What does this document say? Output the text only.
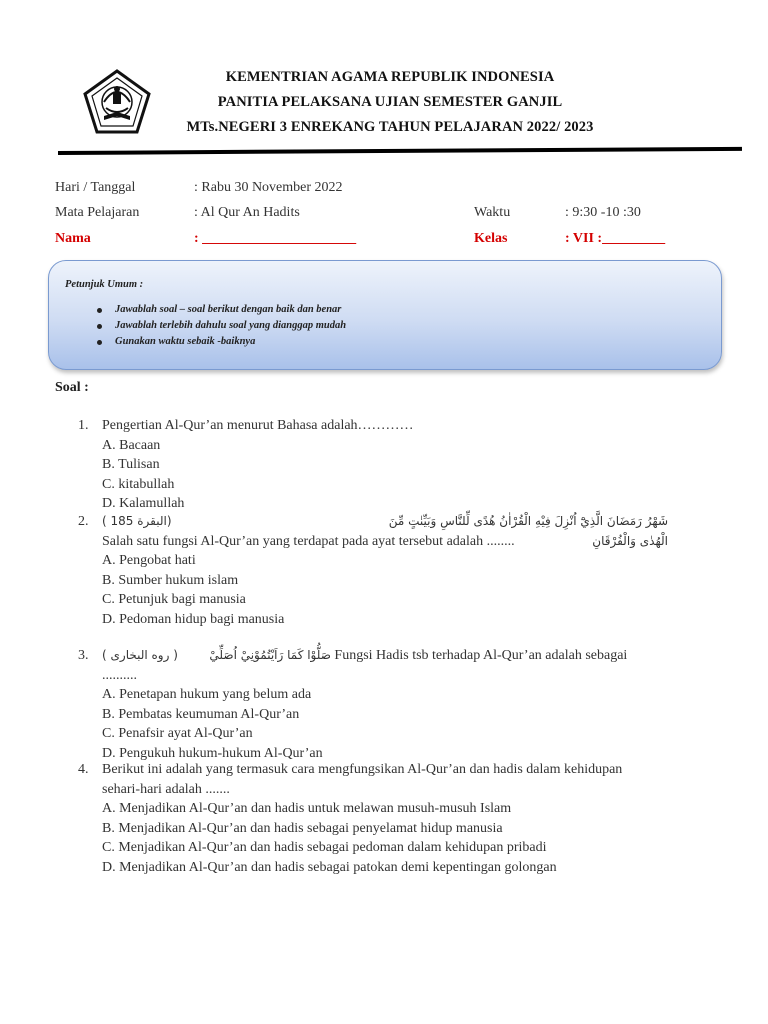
KEMENTRIAN AGAMA REPUBLIK INDONESIA
PANITIA PELAKSANA UJIAN SEMESTER GANJIL
MTs.NEGERI 3 ENREKANG TAHUN PELAJARAN 2022/ 2023
Hari / Tanggal	: Rabu 30 November 2022
Mata Pelajaran	: Al Qur An Hadits	Waktu	: 9:30 -10 :30
Nama	: ______________________	Kelas	: VII :_________
Petunjuk Umum :
Jawablah soal – soal berikut dengan baik dan benar
Jawablah terlebih dahulu soal yang dianggap mudah
Gunakan waktu sebaik -baiknya
Soal :
1. Pengertian Al-Qur’an menurut Bahasa adalah…………
A. Bacaan
B. Tulisan
C. kitabullah
D. Kalamullah
2. ( 185 البقرة)	شَهْرُ رَمَضَانَ الَّذِيْٓ اُنْزِلَ فِيْهِ الْقُرْاٰنُ هُدًى لِّلنَّاسِ وَبَيِّنٰتٍ مِّنَ الْهُدٰى وَالْفُرْقَانِ
Salah satu fungsi Al-Qur’an yang terdapat pada ayat tersebut adalah ........
A. Pengobat hati
B. Sumber hukum islam
C. Petunjuk bagi manusia
D. Pedoman hidup bagi manusia
3. ( روه البخارى )	صَلُّوْا كَمَا رَاَيْتُمُوْنِيْ اُصَلِّيْ Fungsi Hadis tsb terhadap Al-Qur’an adalah sebagai
..........
A. Penetapan hukum yang belum ada
B. Pembatas keumuman Al-Qur’an
C. Penafsir ayat Al-Qur’an
D. Pengukuh hukum-hukum Al-Qur’an
4. Berikut ini adalah yang termasuk cara mengfungsikan Al-Qur’an dan hadis dalam kehidupan
sehari-hari adalah .......
A. Menjadikan Al-Qur’an dan hadis untuk melawan musuh-musuh Islam
B. Menjadikan Al-Qur’an dan hadis sebagai penyelamat hidup manusia
C. Menjadikan Al-Qur’an dan hadis sebagai pedoman dalam kehidupan pribadi
D. Menjadikan Al-Qur’an dan hadis sebagai patokan demi kepentingan golongan
